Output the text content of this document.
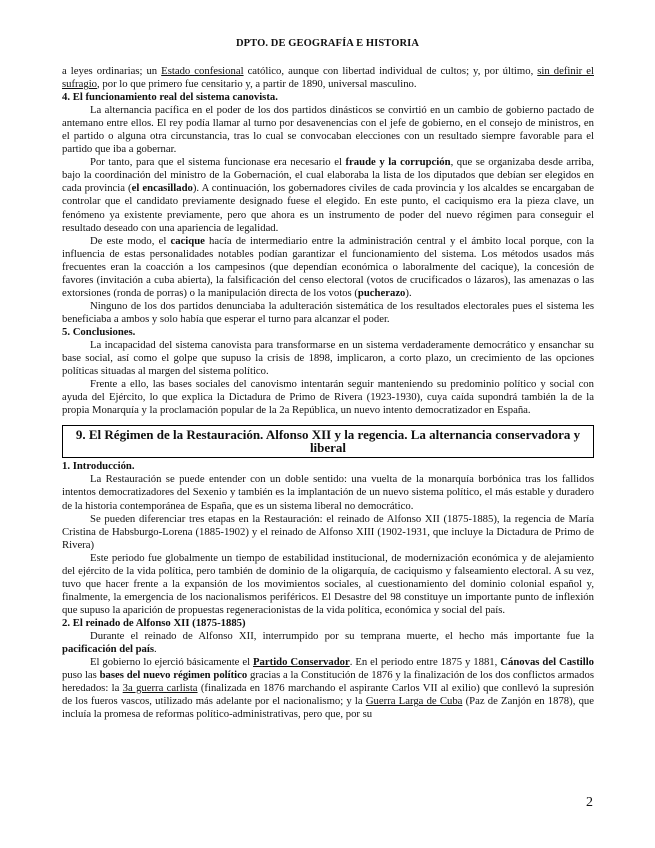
DPTO. DE GEOGRAFÍA E HISTORIA

a leyes ordinarias; un Estado confesional católico, aunque con libertad individual de cultos; y, por último, sin definir el sufragio, por lo que primero fue censitario y, a partir de 1890, universal masculino.

4. El funcionamiento real del sistema canovista.

La alternancia pacífica en el poder de los dos partidos dinásticos se convirtió en un cambio de gobierno pactado de antemano entre ellos. El rey podía llamar al turno por desavenencias con el jefe de gobierno, en el consejo de ministros, en el partido o alguna otra circunstancia, tras lo cual se convocaban elecciones con un resultado siempre favorable para el partido que iba a gobernar.

Por tanto, para que el sistema funcionase era necesario el fraude y la corrupción, que se organizaba desde arriba, bajo la coordinación del ministro de la Gobernación, el cual elaboraba la lista de los diputados que debían ser elegidos en cada provincia (el encasillado). A continuación, los gobernadores civiles de cada provincia y los alcaldes se encargaban de controlar que el candidato previamente designado fuese el elegido. En este punto, el caciquismo era la pieza clave, un fenómeno ya existente previamente, pero que ahora es un instrumento de poder del nuevo régimen para conseguir el resultado deseado con una apariencia de legalidad.

De este modo, el cacique hacía de intermediario entre la administración central y el ámbito local porque, con la influencia de estas personalidades notables podían garantizar el funcionamiento del sistema. Los métodos usados más frecuentes eran la coacción a los campesinos (que dependían económica o laboralmente del cacique), la concesión de favores (invitación a cuba abierta), la falsificación del censo electoral (votos de crucificados o lázaros), las amenazas o las extorsiones (ronda de porras) o la manipulación directa de los votos (pucherazo).

Ninguno de los dos partidos denunciaba la adulteración sistemática de los resultados electorales pues el sistema les beneficiaba a ambos y solo había que esperar el turno para alcanzar el poder.

5. Conclusiones.

La incapacidad del sistema canovista para transformarse en un sistema verdaderamente democrático y ensanchar su base social, así como el golpe que supuso la crisis de 1898, implicaron, a corto plazo, un crecimiento de las opciones políticas situadas al margen del sistema político.

Frente a ello, las bases sociales del canovismo intentarán seguir manteniendo su predominio político y social con ayuda del Ejército, lo que explica la Dictadura de Primo de Rivera (1923-1930), cuya caída supondrá también la de la propia Monarquía y la proclamación popular de la 2a República, un nuevo intento democratizador en España.

9. El Régimen de la Restauración. Alfonso XII y la regencia. La alternancia conservadora y liberal

1. Introducción.

La Restauración se puede entender con un doble sentido: una vuelta de la monarquía borbónica tras los fallidos intentos democratizadores del Sexenio y también es la implantación de un nuevo sistema político, el más estable y duradero de la historia contemporánea de España, que es un sistema liberal no democrático.

Se pueden diferenciar tres etapas en la Restauración: el reinado de Alfonso XII (1875-1885), la regencia de María Cristina de Habsburgo-Lorena (1885-1902) y el reinado de Alfonso XIII (1902-1931, que incluye la Dictadura de Primo de Rivera)

Este periodo fue globalmente un tiempo de estabilidad institucional, de modernización económica y de alejamiento del ejército de la vida política, pero también de dominio de la oligarquía, de caciquismo y falseamiento electoral. A su vez, tuvo que hacer frente a la expansión de los movimientos sociales, al cuestionamiento del dominio colonial español y, finalmente, la emergencia de los nacionalismos periféricos. El Desastre del 98 constituye un importante punto de inflexión que supuso la aparición de propuestas regeneracionistas de la vida política, económica y social del país.

2. El reinado de Alfonso XII (1875-1885)

Durante el reinado de Alfonso XII, interrumpido por su temprana muerte, el hecho más importante fue la pacificación del país.

El gobierno lo ejerció básicamente el Partido Conservador. En el periodo entre 1875 y 1881, Cánovas del Castillo puso las bases del nuevo régimen político gracias a la Constitución de 1876 y la finalización de los dos conflictos armados heredados: la 3a guerra carlista (finalizada en 1876 marchando el aspirante Carlos VII al exilio) que conllevó la supresión de los fueros vascos, utilizado más adelante por el nacionalismo; y la Guerra Larga de Cuba (Paz de Zanjón en 1878), que incluía la promesa de reformas político-administrativas, pero que, por su

2
